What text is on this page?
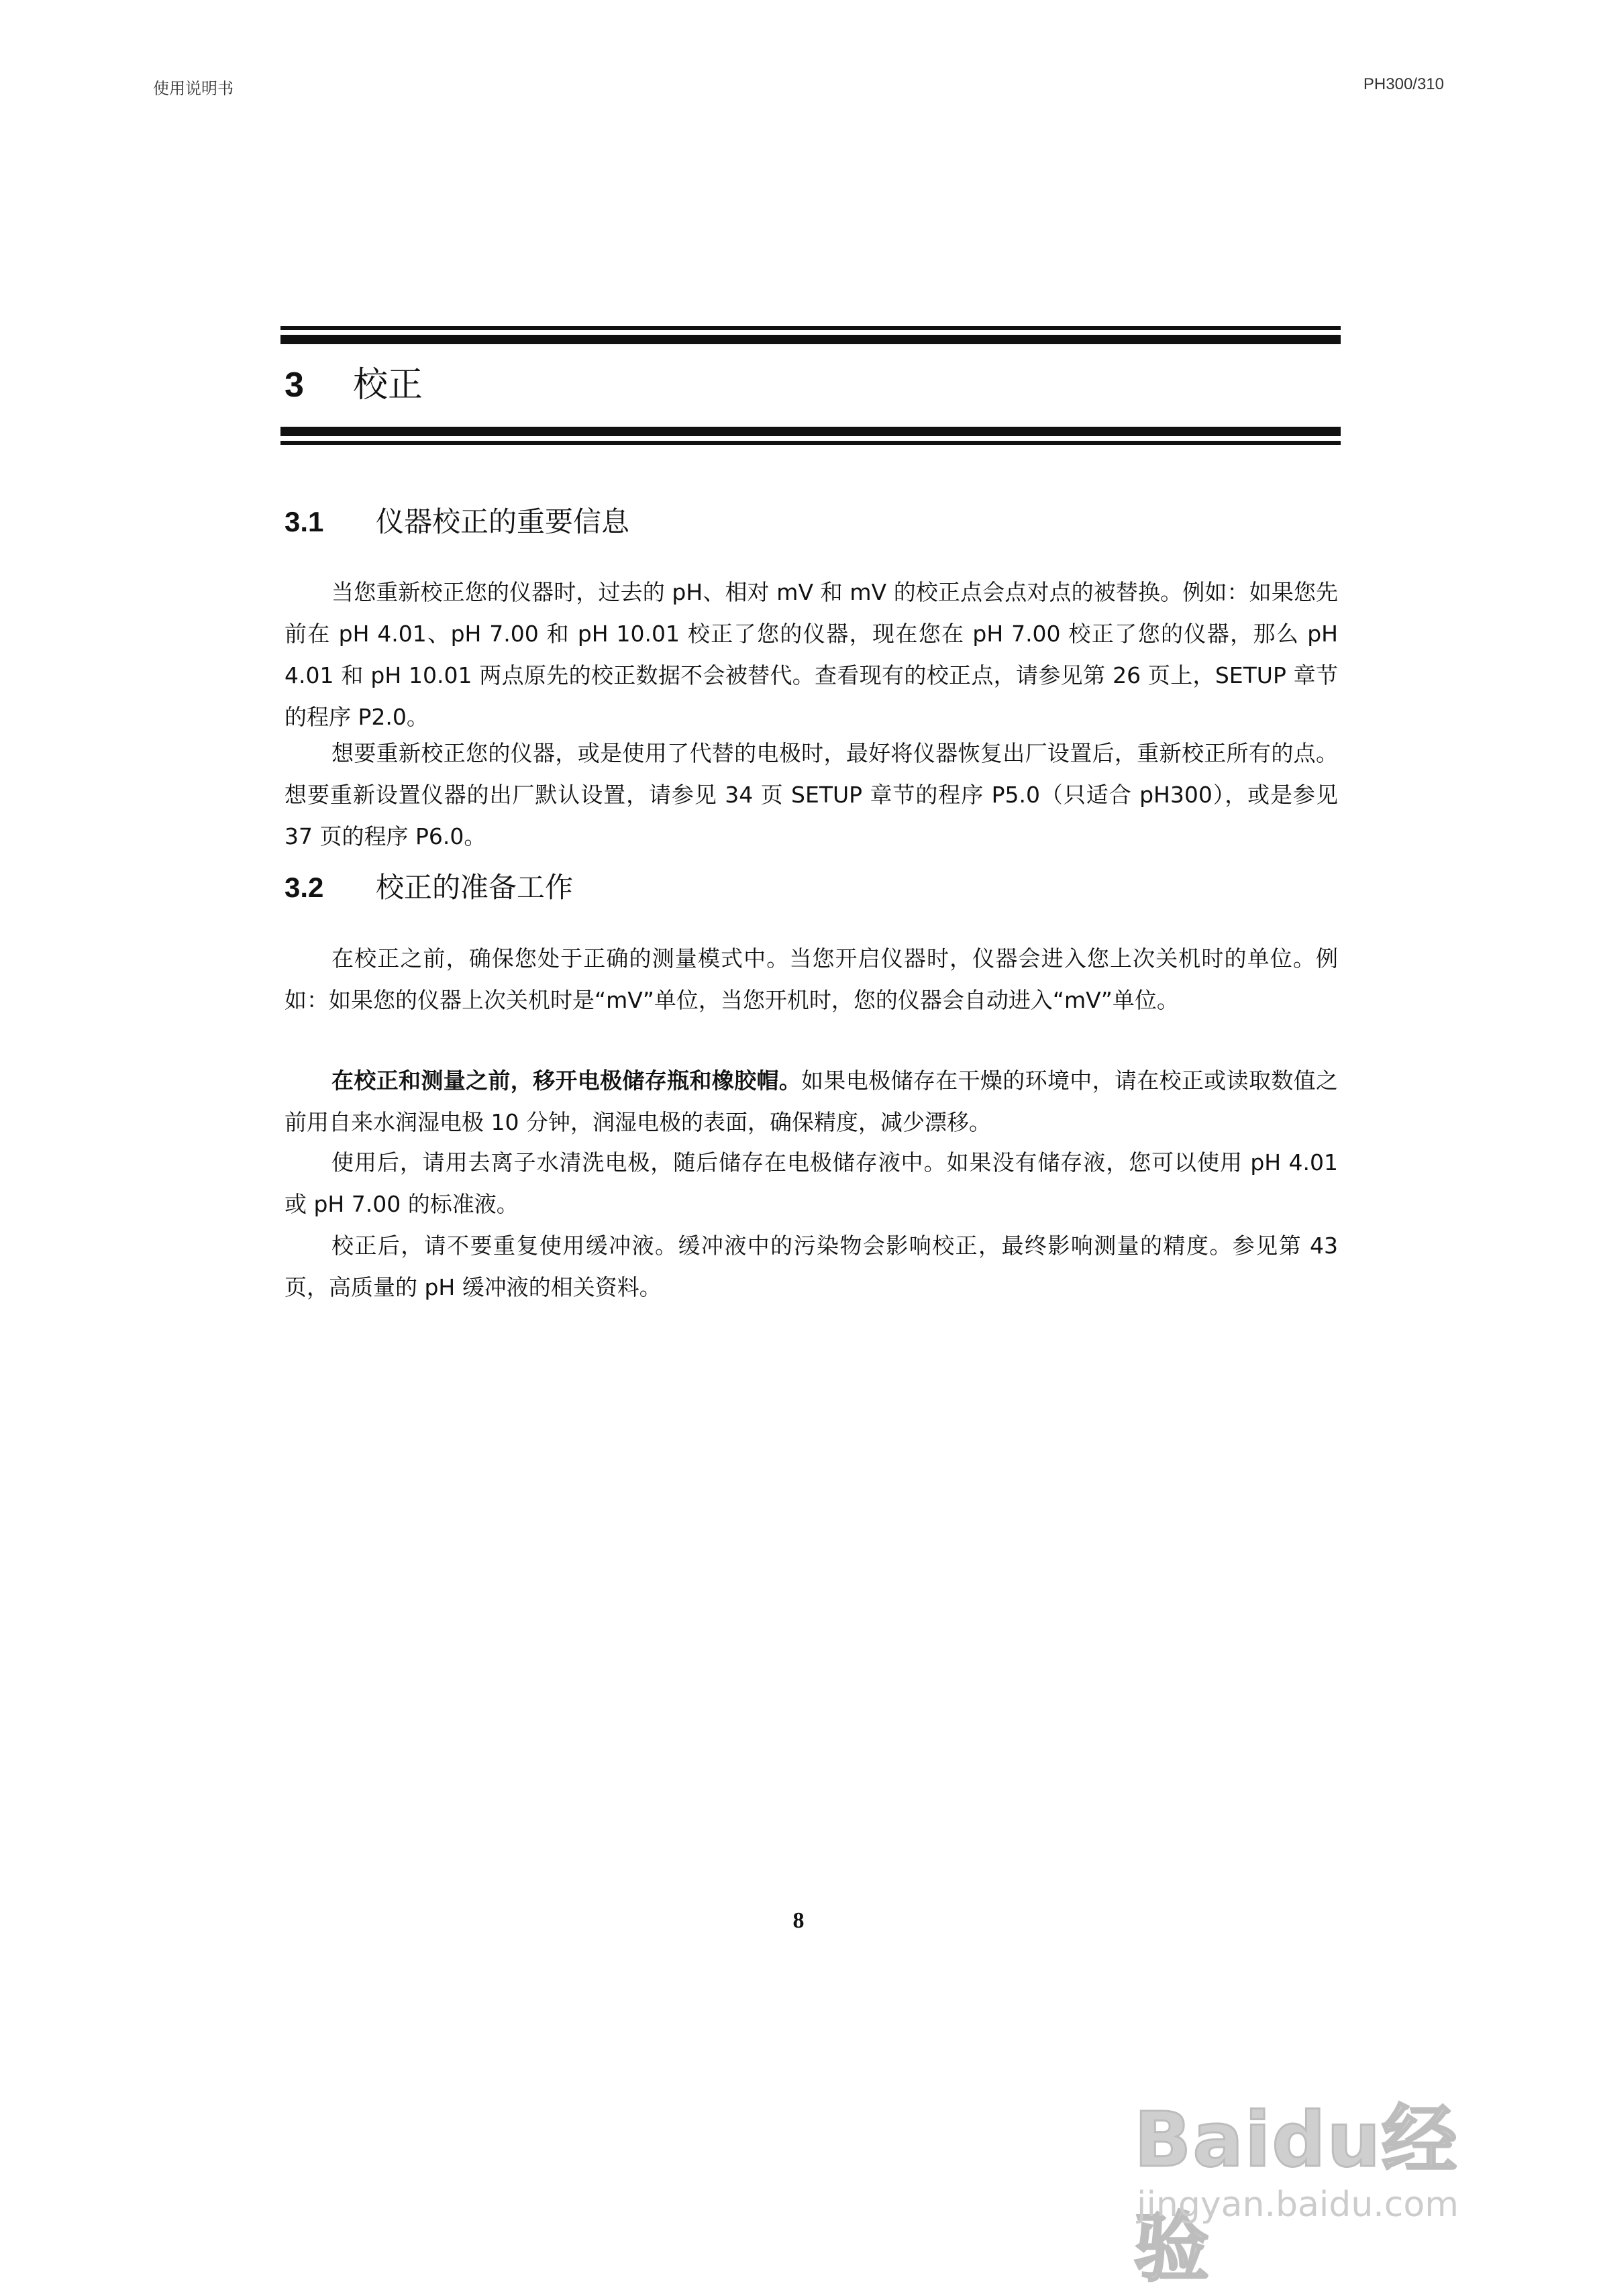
使用说明书	PH300/310
3 校正
3.1 仪器校正的重要信息

当您重新校正您的仪器时，过去的 pH、相对 mV 和 mV 的校正点会点对点的被替换。例如：如果您先前在 pH 4.01、pH 7.00 和 pH 10.01 校正了您的仪器，现在您在 pH 7.00 校正了您的仪器，那么 pH 4.01 和 pH 10.01 两点原先的校正数据不会被替代。查看现有的校正点，请参见第 26 页上，SETUP 章节的程序 P2.0。

想要重新校正您的仪器，或是使用了代替的电极时，最好将仪器恢复出厂设置后，重新校正所有的点。想要重新设置仪器的出厂默认设置，请参见 34 页 SETUP 章节的程序 P5.0（只适合 pH300），或是参见 37 页的程序 P6.0。

3.2 校正的准备工作

在校正之前，确保您处于正确的测量模式中。当您开启仪器时，仪器会进入您上次关机时的单位。例如：如果您的仪器上次关机时是“mV”单位，当您开机时，您的仪器会自动进入“mV”单位。

在校正和测量之前，移开电极储存瓶和橡胶帽。如果电极储存在干燥的环境中，请在校正或读取数值之前用自来水润湿电极 10 分钟，润湿电极的表面，确保精度，减少漂移。

使用后，请用去离子水清洗电极，随后储存在电极储存液中。如果没有储存液，您可以使用 pH 4.01 或 pH 7.00 的标准液。

校正后，请不要重复使用缓冲液。缓冲液中的污染物会影响校正，最终影响测量的精度。参见第 43 页，高质量的 pH 缓冲液的相关资料。

8
Baidu经验
jingyan.baidu.com
